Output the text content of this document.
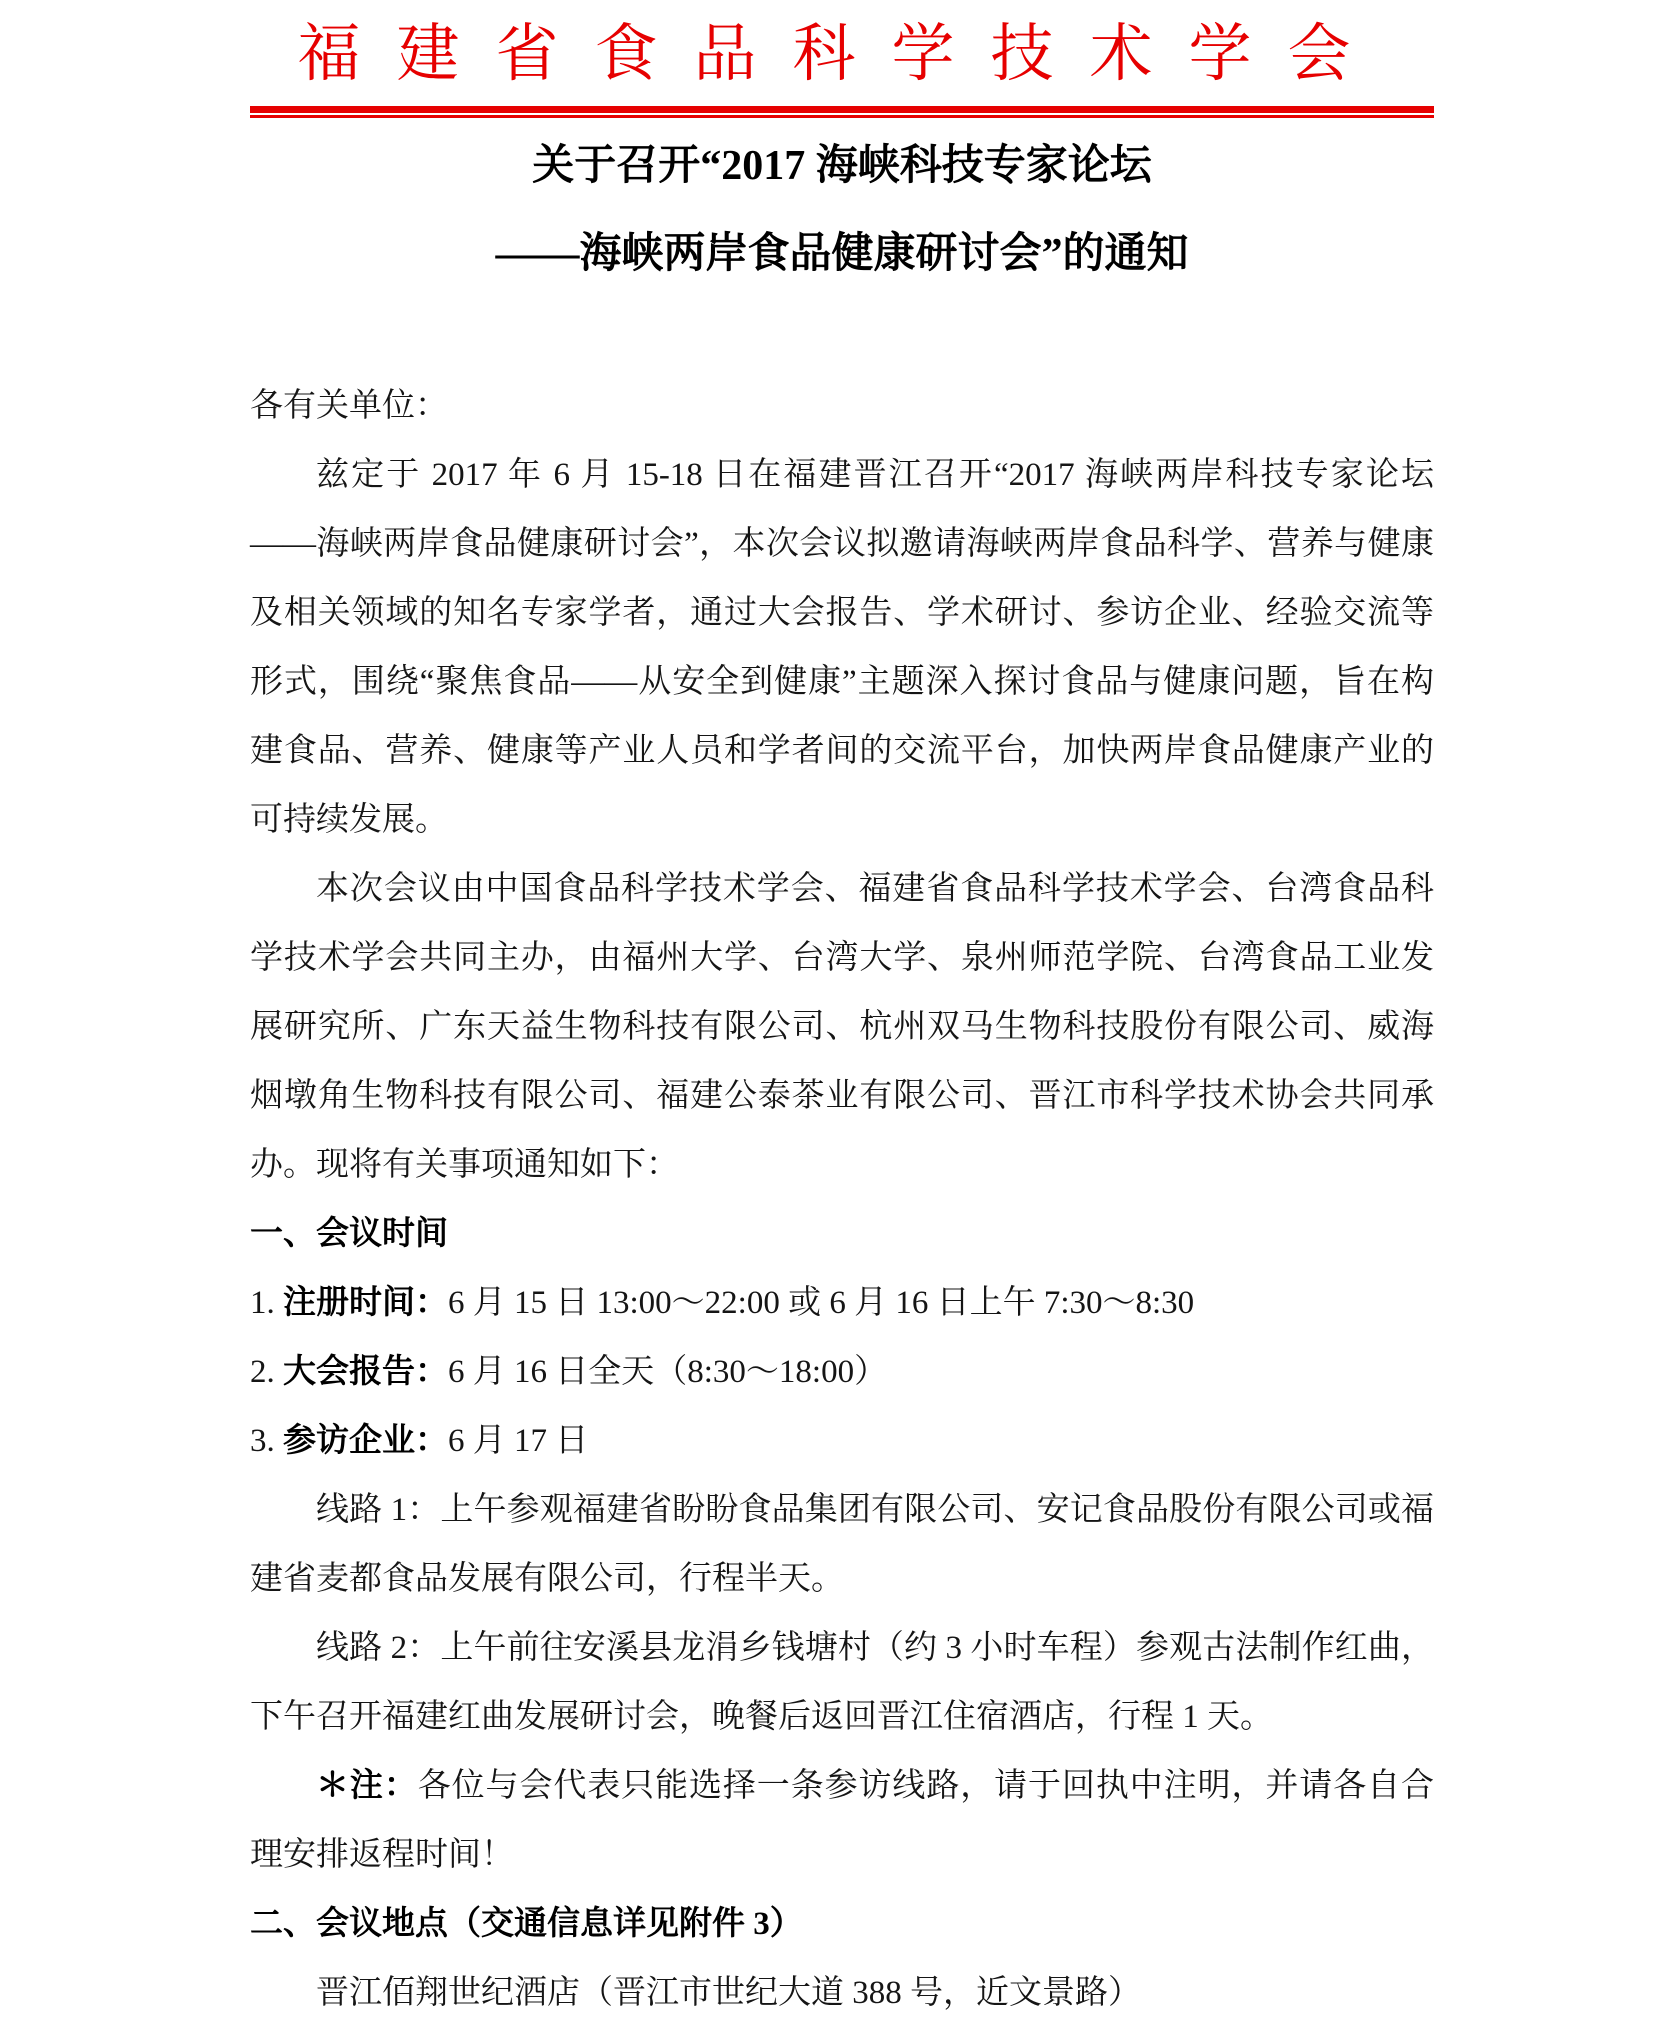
福建省食品科学技术学会
关于召开“2017 海峡科技专家论坛
——海峡两岸食品健康研讨会”的通知

各有关单位：

兹定于 2017 年 6 月 15-18 日在福建晋江召开“2017 海峡两岸科技专家论坛——海峡两岸食品健康研讨会”，本次会议拟邀请海峡两岸食品科学、营养与健康及相关领域的知名专家学者，通过大会报告、学术研讨、参访企业、经验交流等形式，围绕“聚焦食品——从安全到健康”主题深入探讨食品与健康问题，旨在构建食品、营养、健康等产业人员和学者间的交流平台，加快两岸食品健康产业的可持续发展。

本次会议由中国食品科学技术学会、福建省食品科学技术学会、台湾食品科学技术学会共同主办，由福州大学、台湾大学、泉州师范学院、台湾食品工业发展研究所、广东天益生物科技有限公司、杭州双马生物科技股份有限公司、威海烟墩角生物科技有限公司、福建公泰茶业有限公司、晋江市科学技术协会共同承办。现将有关事项通知如下：

一、会议时间

1. 注册时间：6 月 15 日 13:00～22:00 或 6 月 16 日上午 7:30～8:30

2. 大会报告：6 月 16 日全天（8:30～18:00）

3. 参访企业：6 月 17 日

线路 1：上午参观福建省盼盼食品集团有限公司、安记食品股份有限公司或福建省麦都食品发展有限公司，行程半天。

线路 2：上午前往安溪县龙涓乡钱塘村（约 3 小时车程）参观古法制作红曲，下午召开福建红曲发展研讨会，晚餐后返回晋江住宿酒店，行程 1 天。

＊注：各位与会代表只能选择一条参访线路，请于回执中注明，并请各自合理安排返程时间！

二、会议地点（交通信息详见附件 3）

晋江佰翔世纪酒店（晋江市世纪大道 388 号，近文景路）
